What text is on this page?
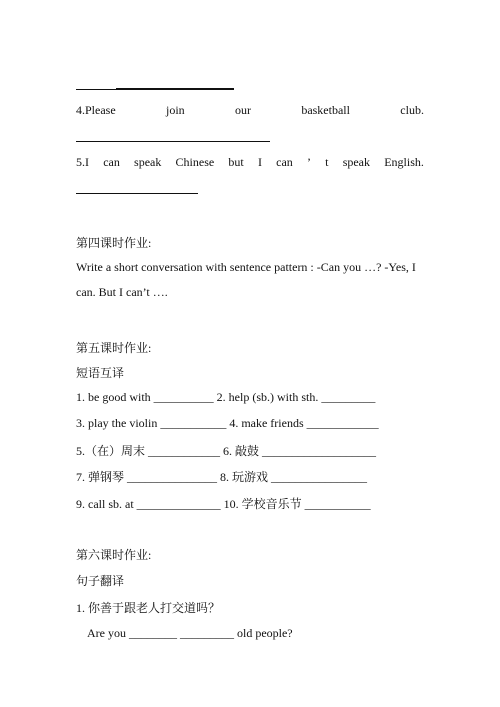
4.Please	join	our	basketball	club.
5.I can speak Chinese but I can ’ t speak English.
第四课时作业:
Write a short conversation with sentence pattern : -Can you …? -Yes, I
can. But I can’t ….
第五课时作业:
短语互译
1. be good with __________ 2. help (sb.) with sth. _________
3. play the violin ___________ 4. make friends ____________
5.（在）周末 ____________ 6. 敲鼓 ___________________
7. 弹钢琴 _______________ 8. 玩游戏 ________________
9. call sb. at ______________ 10. 学校音乐节 ___________
第六课时作业:
句子翻译
1. 你善于跟老人打交道吗？
Are you ________ _________ old people?
